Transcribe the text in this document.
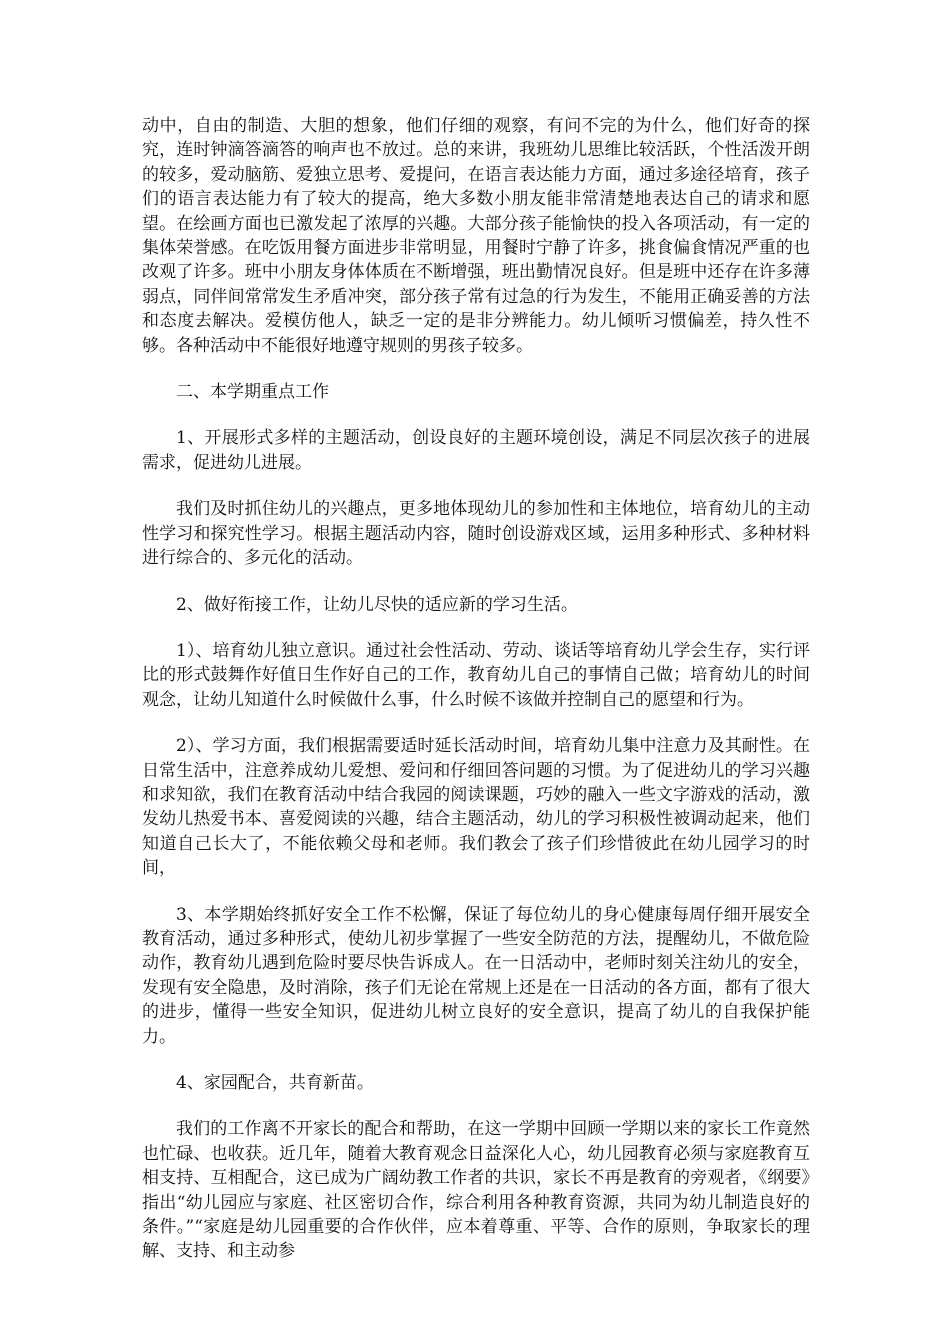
动中，自由的制造、大胆的想象，他们仔细的观察，有问不完的为什么，他们好奇的探究，连时钟滴答滴答的响声也不放过。总的来讲，我班幼儿思维比较活跃，个性活泼开朗的较多，爱动脑筋、爱独立思考、爱提问，在语言表达能力方面，通过多途径培育，孩子们的语言表达能力有了较大的提高，绝大多数小朋友能非常清楚地表达自己的请求和愿望。在绘画方面也已激发起了浓厚的兴趣。大部分孩子能愉快的投入各项活动，有一定的集体荣誉感。在吃饭用餐方面进步非常明显，用餐时宁静了许多，挑食偏食情况严重的也改观了许多。班中小朋友身体体质在不断增强，班出勤情况良好。但是班中还存在许多薄弱点，同伴间常常发生矛盾冲突，部分孩子常有过急的行为发生，不能用正确妥善的方法和态度去解决。爱模仿他人，缺乏一定的是非分辨能力。幼儿倾听习惯偏差，持久性不够。各种活动中不能很好地遵守规则的男孩子较多。

二、本学期重点工作

1、开展形式多样的主题活动，创设良好的主题环境创设，满足不同层次孩子的进展需求，促进幼儿进展。

我们及时抓住幼儿的兴趣点，更多地体现幼儿的参加性和主体地位，培育幼儿的主动性学习和探究性学习。根据主题活动内容，随时创设游戏区域，运用多种形式、多种材料进行综合的、多元化的活动。

2、做好衔接工作，让幼儿尽快的适应新的学习生活。

1）、培育幼儿独立意识。通过社会性活动、劳动、谈话等培育幼儿学会生存，实行评比的形式鼓舞作好值日生作好自己的工作，教育幼儿自己的事情自己做；培育幼儿的时间观念，让幼儿知道什么时候做什么事，什么时候不该做并控制自己的愿望和行为。

2）、学习方面，我们根据需要适时延长活动时间，培育幼儿集中注意力及其耐性。在日常生活中，注意养成幼儿爱想、爱问和仔细回答问题的习惯。为了促进幼儿的学习兴趣和求知欲，我们在教育活动中结合我园的阅读课题，巧妙的融入一些文字游戏的活动，激发幼儿热爱书本、喜爱阅读的兴趣，结合主题活动，幼儿的学习积极性被调动起来，他们知道自己长大了，不能依赖父母和老师。我们教会了孩子们珍惜彼此在幼儿园学习的时间，

3、本学期始终抓好安全工作不松懈，保证了每位幼儿的身心健康每周仔细开展安全教育活动，通过多种形式，使幼儿初步掌握了一些安全防范的方法，提醒幼儿，不做危险动作，教育幼儿遇到危险时要尽快告诉成人。在一日活动中，老师时刻关注幼儿的安全，发现有安全隐患，及时消除，孩子们无论在常规上还是在一日活动的各方面，都有了很大的进步，懂得一些安全知识，促进幼儿树立良好的安全意识，提高了幼儿的自我保护能力。

4、家园配合，共育新苗。

我们的工作离不开家长的配合和帮助，在这一学期中回顾一学期以来的家长工作竟然也忙碌、也收获。近几年，随着大教育观念日益深化人心，幼儿园教育必须与家庭教育互相支持、互相配合，这已成为广阔幼教工作者的共识，家长不再是教育的旁观者，《纲要》指出“幼儿园应与家庭、社区密切合作，综合利用各种教育资源，共同为幼儿制造良好的条件。”“家庭是幼儿园重要的合作伙伴，应本着尊重、平等、合作的原则，争取家长的理解、支持、和主动参
